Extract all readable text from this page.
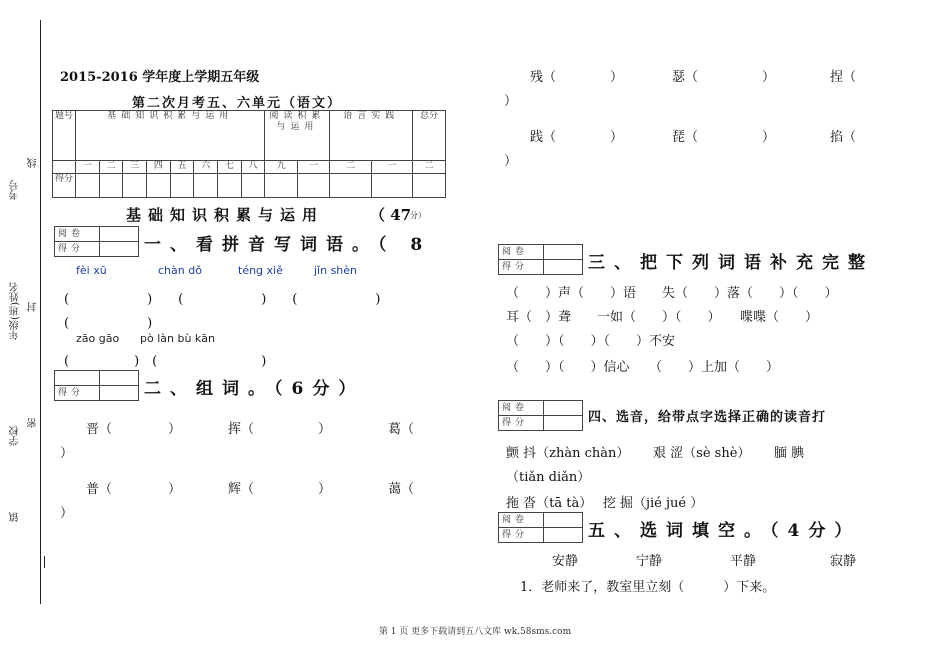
考号
线
年级(班)姓名 封
学校
密
镇
2015-2016 学年度上学期五年级
第二次月考五、六单元（语文）
题号	基础知识积累与运用								阅读积累与运用		语言实践		总分
	一	二	三	四	五	六	七	八	九	一	二	一	二
得分													
基础知识积累与运用	（ 47
分）
阅卷	
得分		一、看拼音写词语。（ 8
fèi xū	chàn dǒ	téng xiě	jǐn shèn
(　　　　　　)　　(　　　　　　)　　(　　　　　　)
(　　　　　　)
zāo gāo pò làn bù kān
(　　　　　)　(　　　　　　　　)

得分		二、组词。（6分）
晋（	）	挥（	）	葛（
）
普（	）	辉（	）	蔼（
）
残（	）	瑟（	）	捏（
）
践（	）	琵（	）	掐（
）
阅卷	
得分		三、把下列词语补充完整
（　　）声（　　）语　　失（　　）落（　　）（　　）
耳（　）聋　　一如（　　）（　　）　　喋喋（　　）
（　　）（　　）（　　）不安
（　　）（　　）信心　　（　　）上加（　　）
阅卷	
得分		四、选音，给带点字选择正确的读音打
颤 抖（zhàn chàn）　　 艰 涩（sè shè）　　 腼 腆
（tiǎn diǎn）
拖 沓（tā tà）　 挖 掘（jié jué ）
阅卷	
得分		五、选词填空。（4分）
安静	宁静	平静	寂静
1．老师来了，教室里立刻（　　　）下来。
第 1 页 更多下载请到五八文库 wk.58sms.com
